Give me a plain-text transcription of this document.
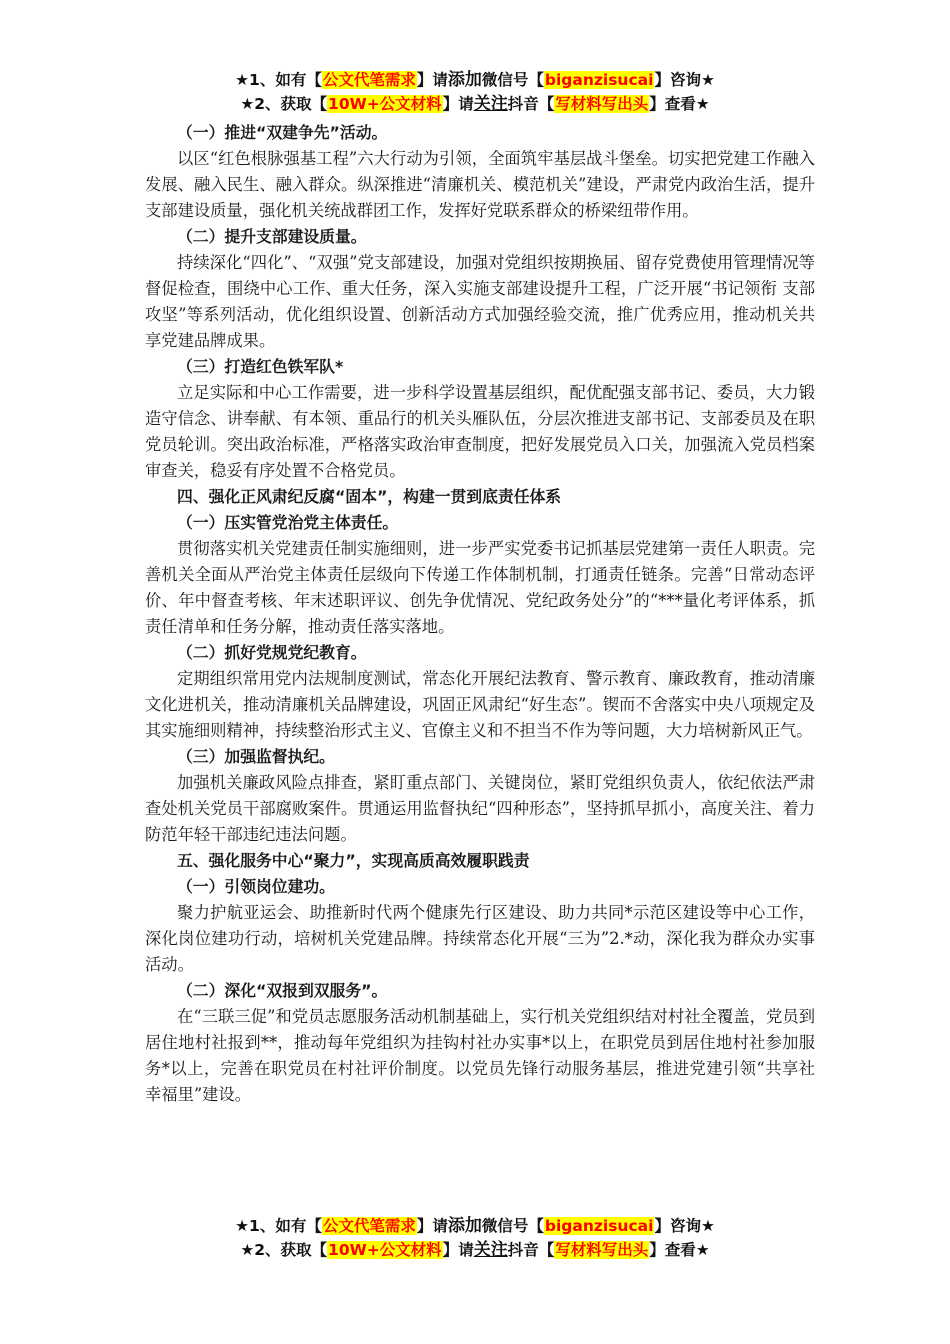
★1、如有【公文代笔需求】请添加微信号【biganzisucai】咨询★
★2、获取【10W+公文材料】请关注抖音【写材料写出头】查看★

（一）推进“双建争先”活动。

以区“红色根脉强基工程”六大行动为引领，全面筑牢基层战斗堡垒。切实把党建工作融入发展、融入民生、融入群众。纵深推进“清廉机关、模范机关”建设，严肃党内政治生活，提升支部建设质量，强化机关统战群团工作，发挥好党联系群众的桥梁纽带作用。

（二）提升支部建设质量。

持续深化“四化”、“双强”党支部建设，加强对党组织按期换届、留存党费使用管理情况等督促检查，围绕中心工作、重大任务，深入实施支部建设提升工程，广泛开展“书记领衔 支部攻坚”等系列活动，优化组织设置、创新活动方式加强经验交流，推广优秀应用，推动机关共享党建品牌成果。

（三）打造红色铁军队*

立足实际和中心工作需要，进一步科学设置基层组织，配优配强支部书记、委员，大力锻造守信念、讲奉献、有本领、重品行的机关头雁队伍，分层次推进支部书记、支部委员及在职党员轮训。突出政治标准，严格落实政治审查制度，把好发展党员入口关，加强流入党员档案审查关，稳妥有序处置不合格党员。

四、强化正风肃纪反腐“固本”，构建一贯到底责任体系

（一）压实管党治党主体责任。

贯彻落实机关党建责任制实施细则，进一步严实党委书记抓基层党建第一责任人职责。完善机关全面从严治党主体责任层级向下传递工作体制机制，打通责任链条。完善“日常动态评价、年中督查考核、年末述职评议、创先争优情况、党纪政务处分”的“***量化考评体系，抓责任清单和任务分解，推动责任落实落地。

（二）抓好党规党纪教育。

定期组织常用党内法规制度测试，常态化开展纪法教育、警示教育、廉政教育，推动清廉文化进机关，推动清廉机关品牌建设，巩固正风肃纪“好生态”。锲而不舍落实中央八项规定及其实施细则精神，持续整治形式主义、官僚主义和不担当不作为等问题，大力培树新风正气。

（三）加强监督执纪。

加强机关廉政风险点排查，紧盯重点部门、关键岗位，紧盯党组织负责人，依纪依法严肃查处机关党员干部腐败案件。贯通运用监督执纪“四种形态”，坚持抓早抓小，高度关注、着力防范年轻干部违纪违法问题。

五、强化服务中心“聚力”，实现高质高效履职践责

（一）引领岗位建功。

聚力护航亚运会、助推新时代两个健康先行区建设、助力共同*示范区建设等中心工作，深化岗位建功行动，培树机关党建品牌。持续常态化开展“三为”2.*动，深化我为群众办实事活动。

（二）深化“双报到双服务”。

在“三联三促”和党员志愿服务活动机制基础上，实行机关党组织结对村社全覆盖，党员到居住地村社报到**，推动每年党组织为挂钩村社办实事*以上，在职党员到居住地村社参加服务*以上，完善在职党员在村社评价制度。以党员先锋行动服务基层，推进党建引领“共享社 幸福里”建设。

★1、如有【公文代笔需求】请添加微信号【biganzisucai】咨询★
★2、获取【10W+公文材料】请关注抖音【写材料写出头】查看★
